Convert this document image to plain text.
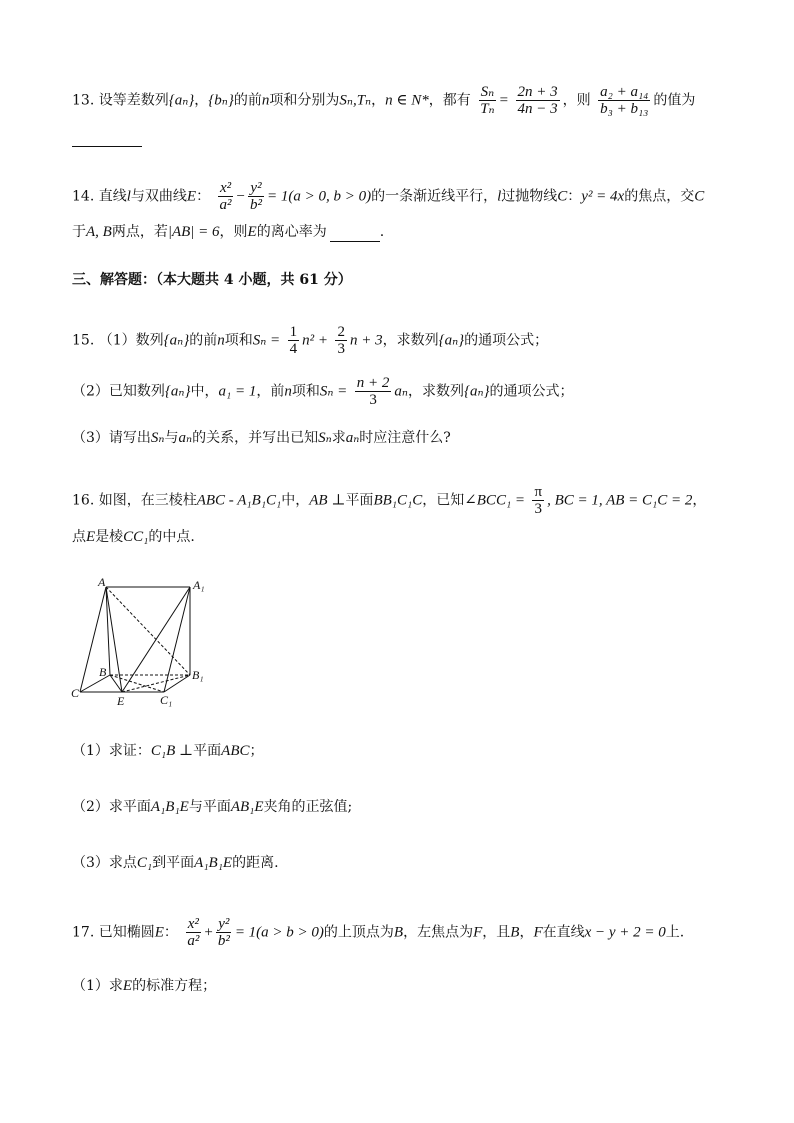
13. 设等差数列{aₙ}，{bₙ}的前n项和分别为Sₙ,Tₙ，n ∈ N*，都有 $\frac{\text{Sₙ}}{\text{Tₙ}} = \frac{2n + 3}{4n - 3}$ ，则 $\frac{\text{a₂ + a₁₄}}{\text{b₃ + b₁₃}}$ 的值为
14. 直线l与双曲线E： $\frac{\text{x²}}{\text{a²}} - \frac{\text{y²}}{\text{b²}} = 1(a > 0$, b > 0)的一条渐近线平行，l过抛物线C：y² = 4x的焦点，交C
于A, B两点，若|AB| = 6，则E的离心率为	.
三、解答题：（本大题共 4 小题，共 61 分）
15. （1）数列{aₙ}的前n项和$S_n = \frac{1}{4} n^2 + \frac{2}{3}$ n + 3，求数列{aₙ}的通项公式；
（2）已知数列{aₙ}中，a₁ = 1，前n项和$S_n = \frac{n + 2}{3}$ aₙ，求数列{aₙ}的通项公式；
（3）请写出Sₙ与aₙ的关系，并写出已知Sₙ求aₙ时应注意什么?
16. 如图，在三棱柱ABC - A₁B₁C₁中，AB ⊥平面BB₁C₁C，已知∠BCC₁ = $\frac{\pi}{3}$ , BC = 1, AB = C₁C = 2，
点E是棱CC₁的中点.
A	A₁
B	B₁
C	C₁
E
（1）求证：C₁B ⊥平面ABC；
（2）求平面A₁B₁E与平面AB₁E夹角的正弦值;
（3）求点C₁到平面A₁B₁E的距离.
17. 已知椭圆E： $\frac{\text{x²}}{\text{a²}} + \frac{\text{y²}}{\text{b²}} = 1(a > b > 0)$的上顶点为B，左焦点为F，且B，F在直线x − y + 2 = 0上.
（1）求E的标准方程；
